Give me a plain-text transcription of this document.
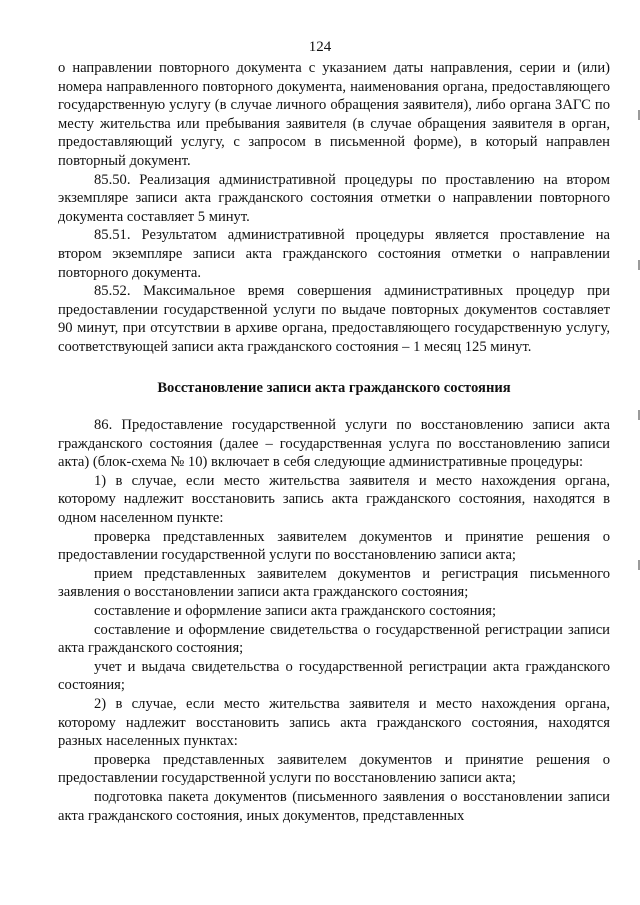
124

о направлении повторного документа с указанием даты направления, серии и (или) номера направленного повторного документа, наименования органа, предоставляющего государственную услугу (в случае личного обращения заявителя), либо органа ЗАГС по месту жительства или пребывания заявителя (в случае обращения заявителя в орган, предоставляющий услугу, с запросом в письменной форме), в который направлен повторный документ.

85.50. Реализация административной процедуры по проставлению на втором экземпляре записи акта гражданского состояния отметки о направлении повторного документа составляет 5 минут.

85.51. Результатом административной процедуры является проставление на втором экземпляре записи акта гражданского состояния отметки о направлении повторного документа.

85.52. Максимальное время совершения административных процедур при предоставлении государственной услуги по выдаче повторных документов составляет 90 минут, при отсутствии в архиве органа, предоставляющего государственную услугу, соответствующей записи акта гражданского состояния – 1 месяц 125 минут.

Восстановление записи акта гражданского состояния

86. Предоставление государственной услуги по восстановлению записи акта гражданского состояния (далее – государственная услуга по восстановлению записи акта) (блок-схема № 10) включает в себя следующие административные процедуры:

1) в случае, если место жительства заявителя и место нахождения органа, которому надлежит восстановить запись акта гражданского состояния, находятся в одном населенном пункте:

проверка представленных заявителем документов и принятие решения о предоставлении государственной услуги по восстановлению записи акта;

прием представленных заявителем документов и регистрация письменного заявления о восстановлении записи акта гражданского состояния;

составление и оформление записи акта гражданского состояния;

составление и оформление свидетельства о государственной регистрации записи акта гражданского состояния;

учет и выдача свидетельства о государственной регистрации акта гражданского состояния;

2) в случае, если место жительства заявителя и место нахождения органа, которому надлежит восстановить запись акта гражданского состояния, находятся разных населенных пунктах:

проверка представленных заявителем документов и принятие решения о предоставлении государственной услуги по восстановлению записи акта;

подготовка пакета документов (письменного заявления о восстановлении записи акта гражданского состояния, иных документов, представленных
